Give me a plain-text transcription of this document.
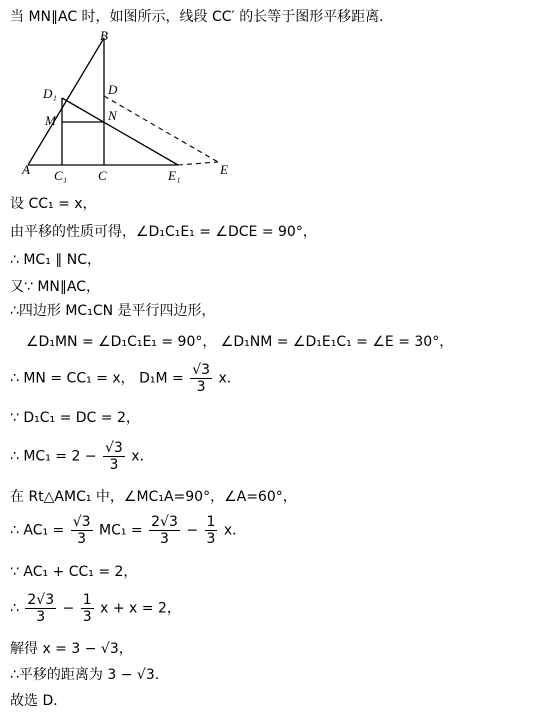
当 MN∥AC 时，如图所示，线段 CC′ 的长等于图形平移距离．
B
D
D₁
M	N
A C₁ C	E₁	E
设 CC₁ = x，
由平移的性质可得，∠D₁C₁E₁ = ∠DCE = 90°，
∴ MC₁ ∥ NC，
又∵ MN∥AC，
∴四边形 MC₁CN 是平行四边形，
∠D₁MN = ∠D₁C₁E₁ = 90°， ∠D₁NM = ∠D₁E₁C₁ = ∠E = 30°，
∴ MN = CC₁ = x， $D_1M = \frac{√3}{3}$ x．
∵ D₁C₁ = DC = 2，
∴ $MC_1 = 2 - \frac{√3}{3}$ x．
在 Rt△AMC₁ 中，∠MC₁A=90°，∠A=60°，
∴ $AC_1 = \frac{√3}{3} MC_1 = \frac{2√3}{3} - \frac{1}{3}$ x．
∵ AC₁ + CC₁ = 2，
∴ $\frac{2√3}{3} - \frac{1}{3}$ x + x = 2，
解得 x = 3 − √3，
∴平移的距离为 3 − √3．
故选 D．
